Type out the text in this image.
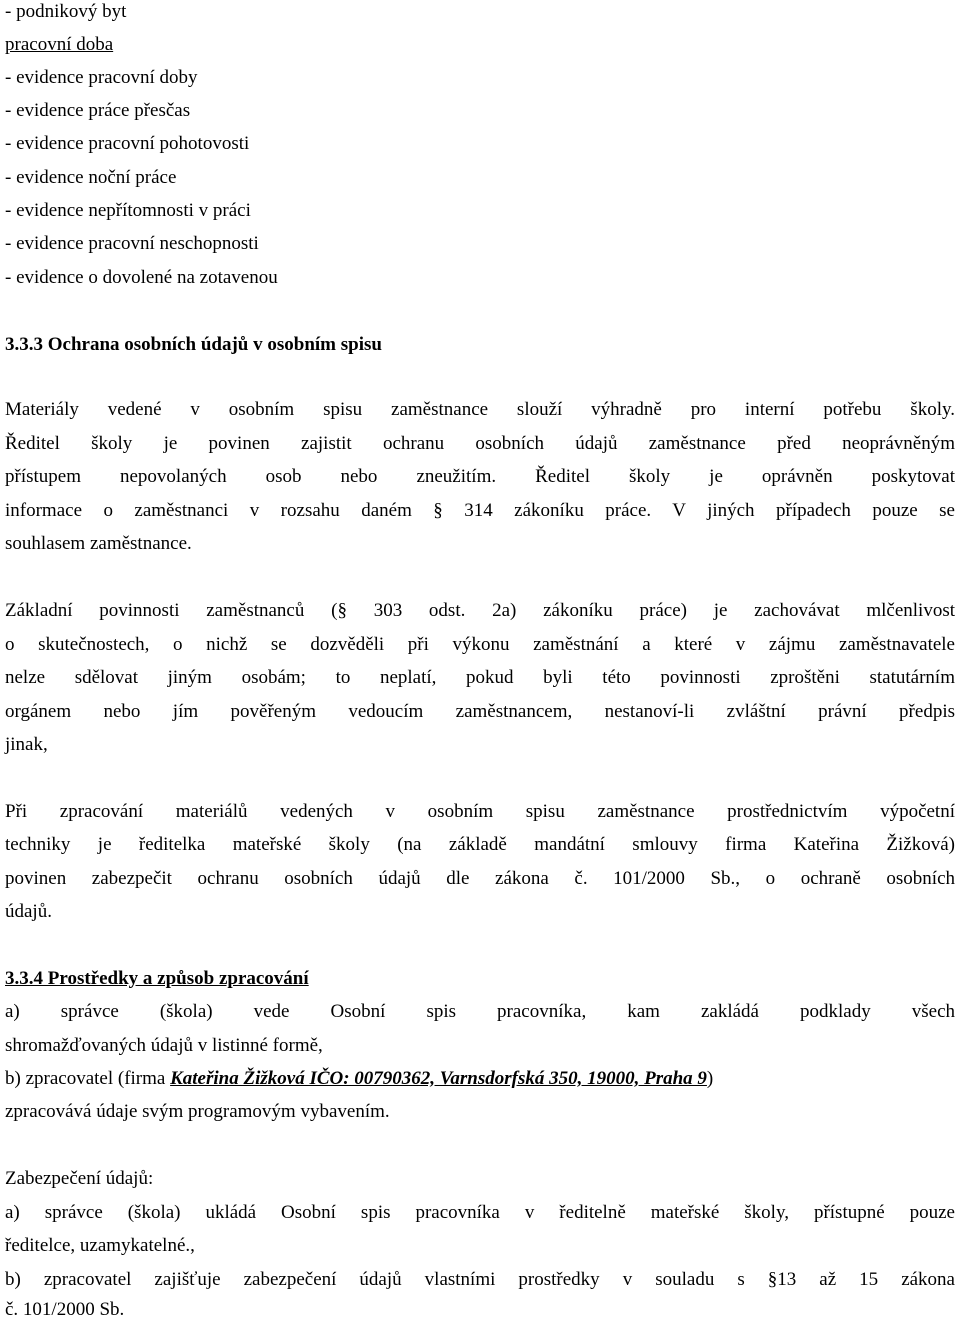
- podnikový byt
pracovní doba
- evidence pracovní doby
- evidence práce přesčas
- evidence pracovní pohotovosti
- evidence noční práce
- evidence nepřítomnosti v práci
- evidence pracovní neschopnosti
- evidence o dovolené na zotavenou
3.3.3 Ochrana osobních údajů v osobním spisu
Materiály vedené v osobním spisu zaměstnance slouží výhradně pro interní potřebu školy.
Ředitel školy je povinen zajistit ochranu osobních údajů zaměstnance před neoprávněným
přístupem nepovolaných osob nebo zneužitím. Ředitel školy je oprávněn poskytovat
informace o zaměstnanci v rozsahu daném § 314 zákoníku práce. V jiných případech pouze se
souhlasem zaměstnance.
Základní povinnosti zaměstnanců (§ 303 odst. 2a) zákoníku práce) je zachovávat mlčenlivost
o skutečnostech, o nichž se dozvěděli při výkonu zaměstnání a které v zájmu zaměstnavatele
nelze sdělovat jiným osobám; to neplatí, pokud byli této povinnosti zproštěni statutárním
orgánem nebo jím pověřeným vedoucím zaměstnancem, nestanoví-li zvláštní právní předpis
jinak,
Při zpracování materiálů vedených v osobním spisu zaměstnance prostřednictvím výpočetní
techniky je ředitelka mateřské školy (na základě mandátní smlouvy firma Kateřina Žižková)
povinen zabezpečit ochranu osobních údajů dle zákona č. 101/2000 Sb., o ochraně osobních
údajů.
3.3.4 Prostředky a způsob zpracování
a) správce (škola) vede Osobní spis pracovníka, kam zakládá podklady všech
shromažďovaných údajů v listinné formě,
b) zpracovatel (firma Kateřina Žižková IČO: 00790362, Varnsdorfská 350, 19000, Praha 9)
zpracovává údaje svým programovým vybavením.
Zabezpečení údajů:
a) správce (škola) ukládá Osobní spis pracovníka v ředitelně mateřské školy, přístupné pouze
ředitelce, uzamykatelné.,
b) zpracovatel zajišťuje zabezpečení údajů vlastními prostředky v souladu s §13 až 15 zákona
č. 101/2000 Sb.
